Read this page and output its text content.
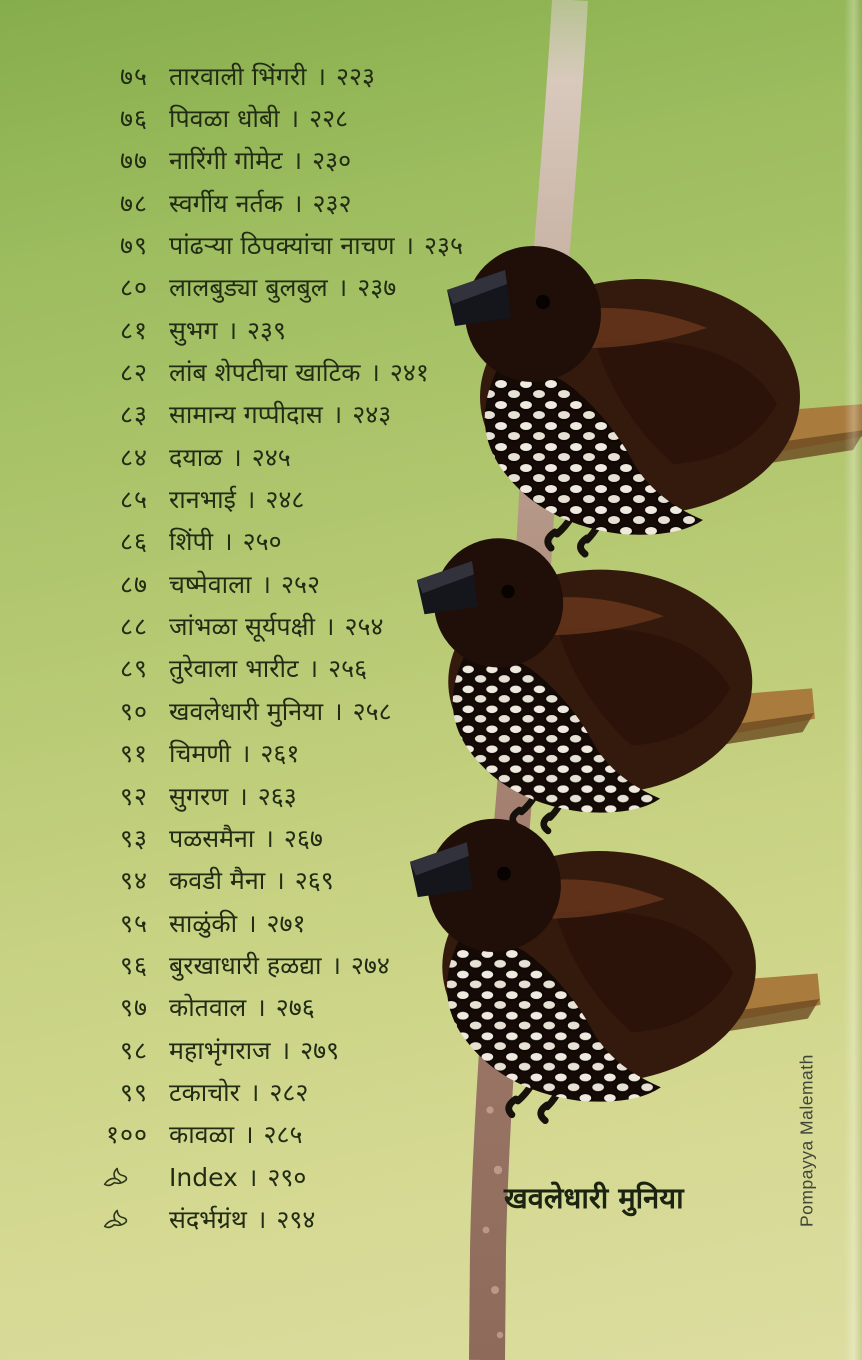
७५ तारवाली भिंगरी । २२३
७६ पिवळा धोबी । २२८
७७ नारिंगी गोमेट । २३०
७८ स्वर्गीय नर्तक । २३२
७९ पांढऱ्या ठिपक्यांचा नाचण । २३५
८० लालबुड्या बुलबुल । २३७
८१ सुभग । २३९
८२ लांब शेपटीचा खाटिक । २४१
८३ सामान्य गप्पीदास । २४३
८४ दयाळ । २४५
८५ रानभाई । २४८
८६ शिंपी । २५०
८७ चष्मेवाला । २५२
८८ जांभळा सूर्यपक्षी । २५४
८९ तुरेवाला भारीट । २५६
९० खवलेधारी मुनिया । २५८
९१ चिमणी । २६१
९२ सुगरण । २६३
९३ पळसमैना । २६७
९४ कवडी मैना । २६९
९५ साळुंकी । २७१
९६ बुरखाधारी हळद्या । २७४
९७ कोतवाल । २७६
९८ महाभृंगराज । २७९
९९ टकाचोर । २८२
१०० कावळा । २८५
Index । २९०
संदर्भग्रंथ । २९४
खवलेधारी मुनिया	Pompayya Malemath
